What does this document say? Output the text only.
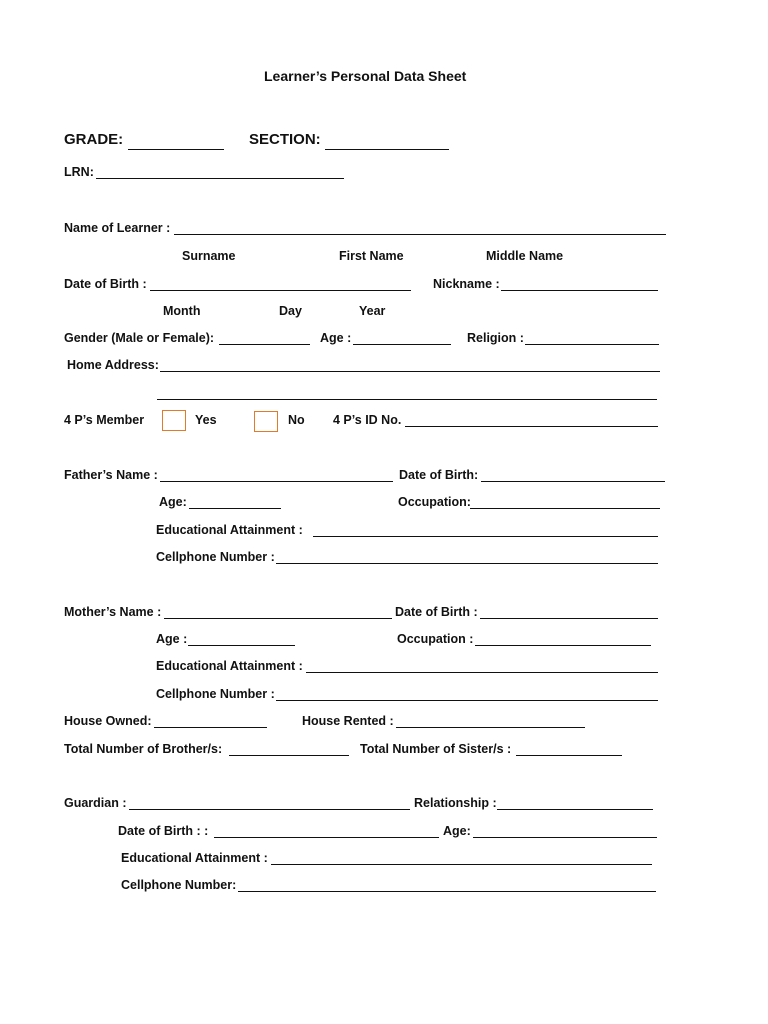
Learner’s Personal Data Sheet
GRADE:	SECTION:
LRN:
Name of Learner :
Surname	First Name	Middle Name
Date of Birth :	Nickname :
Month	Day	Year
Gender (Male or Female):	Age :	Religion :
Home Address:
4 P’s Member	Yes	No 4 P’s ID No.
Father’s Name :	Date of Birth:
Age:	Occupation:
Educational Attainment :
Cellphone Number :
Mother’s Name :	Date of Birth :
Age :	Occupation :
Educational Attainment :
Cellphone Number :
House Owned:	House Rented :
Total Number of Brother/s:	Total Number of Sister/s :
Guardian :	Relationship :
Date of Birth : :	Age:
Educational Attainment :
Cellphone Number:
